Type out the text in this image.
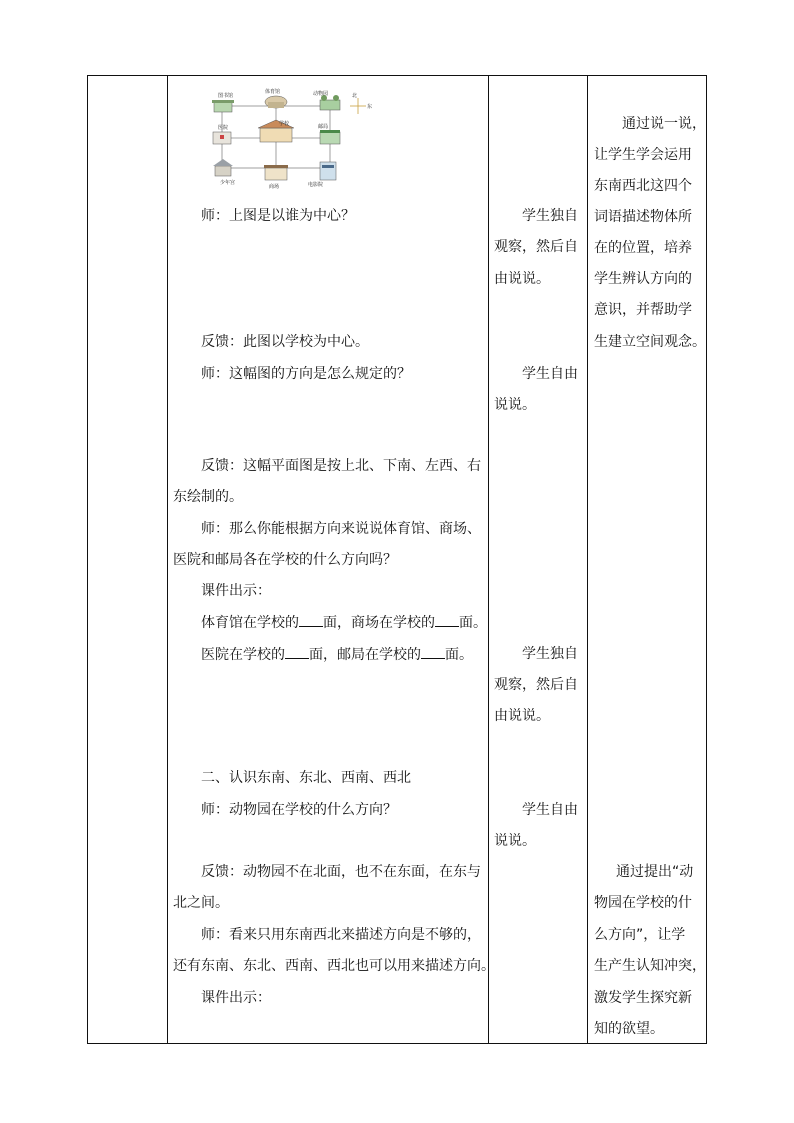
图书馆
体育馆	动物园
医院
学校	邮局
少年宫
商场	电影院
北
东
师：上图是以谁为中心？
反馈：此图以学校为中心。
师：这幅图的方向是怎么规定的？
反馈：这幅平面图是按上北、下南、左西、右
东绘制的。
师：那么你能根据方向来说说体育馆、商场、
医院和邮局各在学校的什么方向吗？
课件出示：
体育馆在学校的 面，商场在学校的 面。
医院在学校的 面，邮局在学校的 面。
二、认识东南、东北、西南、西北
师：动物园在学校的什么方向？
反馈：动物园不在北面，也不在东面，在东与
北之间。
师：看来只用东南西北来描述方向是不够的，
还有东南、东北、西南、西北也可以用来描述方向。
课件出示：
学生独自
观察，然后自
由说说。
学生自由
说说。
学生独自
观察，然后自
由说说。
学生自由
说说。
通过说一说，
让学生学会运用
东南西北这四个
词语描述物体所
在的位置，培养
学生辨认方向的
意识，并帮助学
生建立空间观念。
通过提出“动
物园在学校的什
么方向”，让学
生产生认知冲突，
激发学生探究新
知的欲望。
